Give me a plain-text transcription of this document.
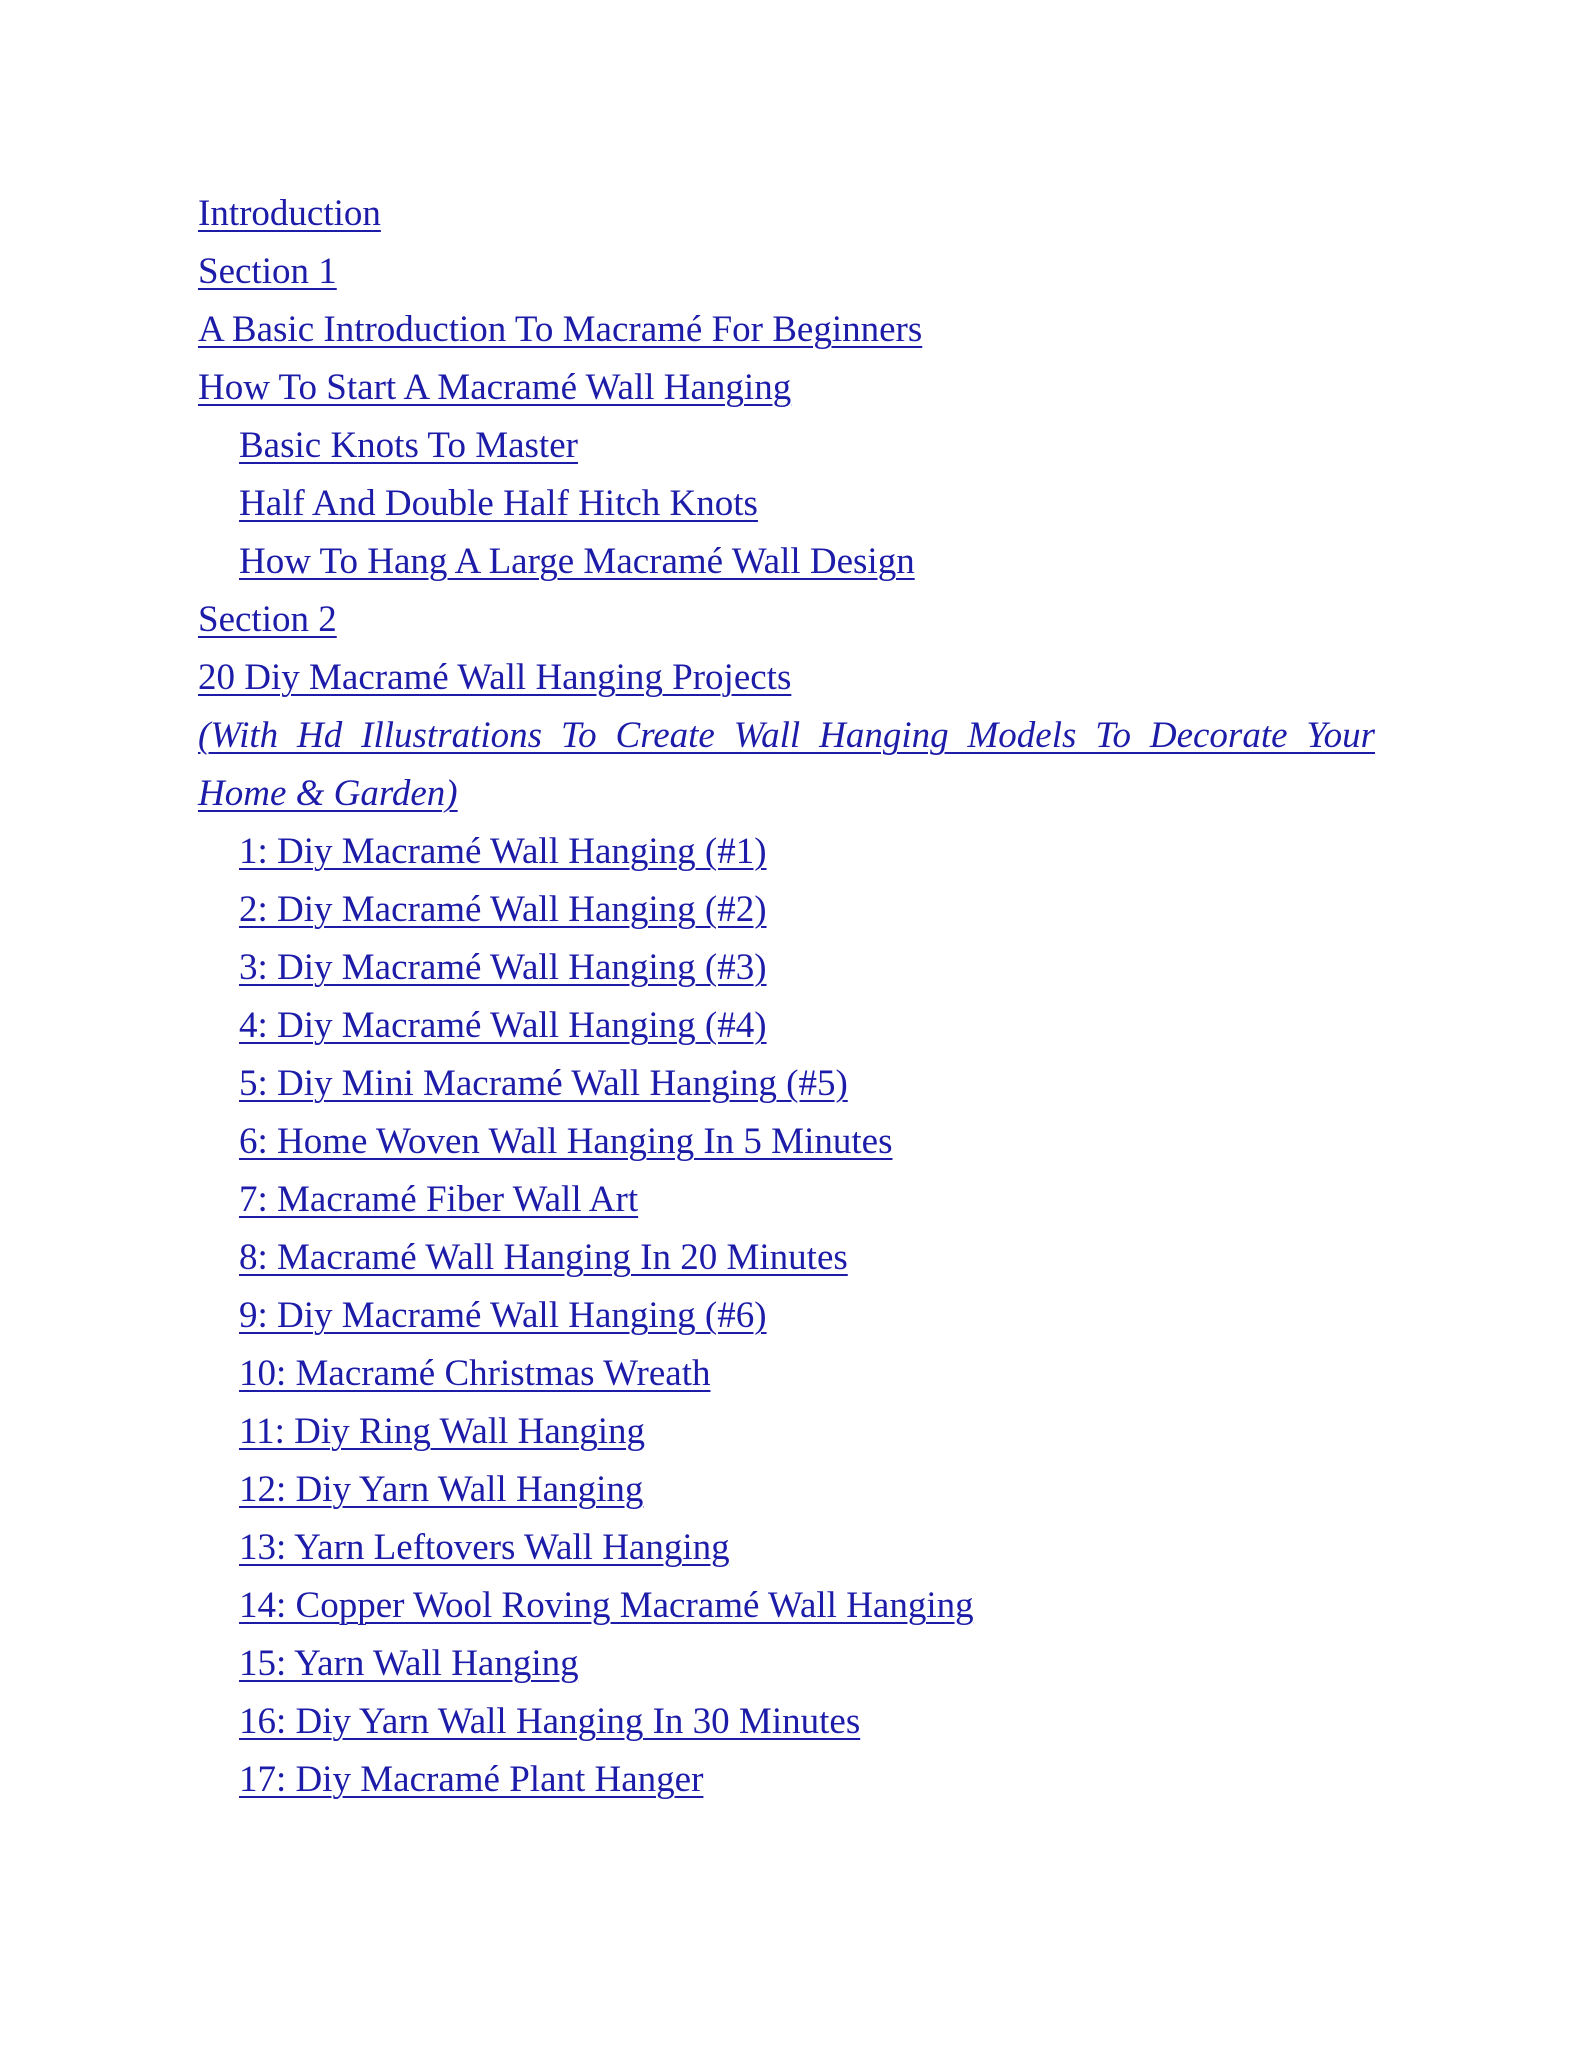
Introduction
Section 1
A Basic Introduction To Macramé For Beginners
How To Start A Macramé Wall Hanging
Basic Knots To Master
Half And Double Half Hitch Knots
How To Hang A Large Macramé Wall Design
Section 2
20 Diy Macramé Wall Hanging Projects
(With Hd Illustrations To Create Wall Hanging Models To Decorate Your
Home & Garden)
1: Diy Macramé Wall Hanging (#1)
2: Diy Macramé Wall Hanging (#2)
3: Diy Macramé Wall Hanging (#3)
4: Diy Macramé Wall Hanging (#4)
5: Diy Mini Macramé Wall Hanging (#5)
6: Home Woven Wall Hanging In 5 Minutes
7: Macramé Fiber Wall Art
8: Macramé Wall Hanging In 20 Minutes
9: Diy Macramé Wall Hanging (#6)
10: Macramé Christmas Wreath
11: Diy Ring Wall Hanging
12: Diy Yarn Wall Hanging
13: Yarn Leftovers Wall Hanging
14: Copper Wool Roving Macramé Wall Hanging
15: Yarn Wall Hanging
16: Diy Yarn Wall Hanging In 30 Minutes
17: Diy Macramé Plant Hanger
